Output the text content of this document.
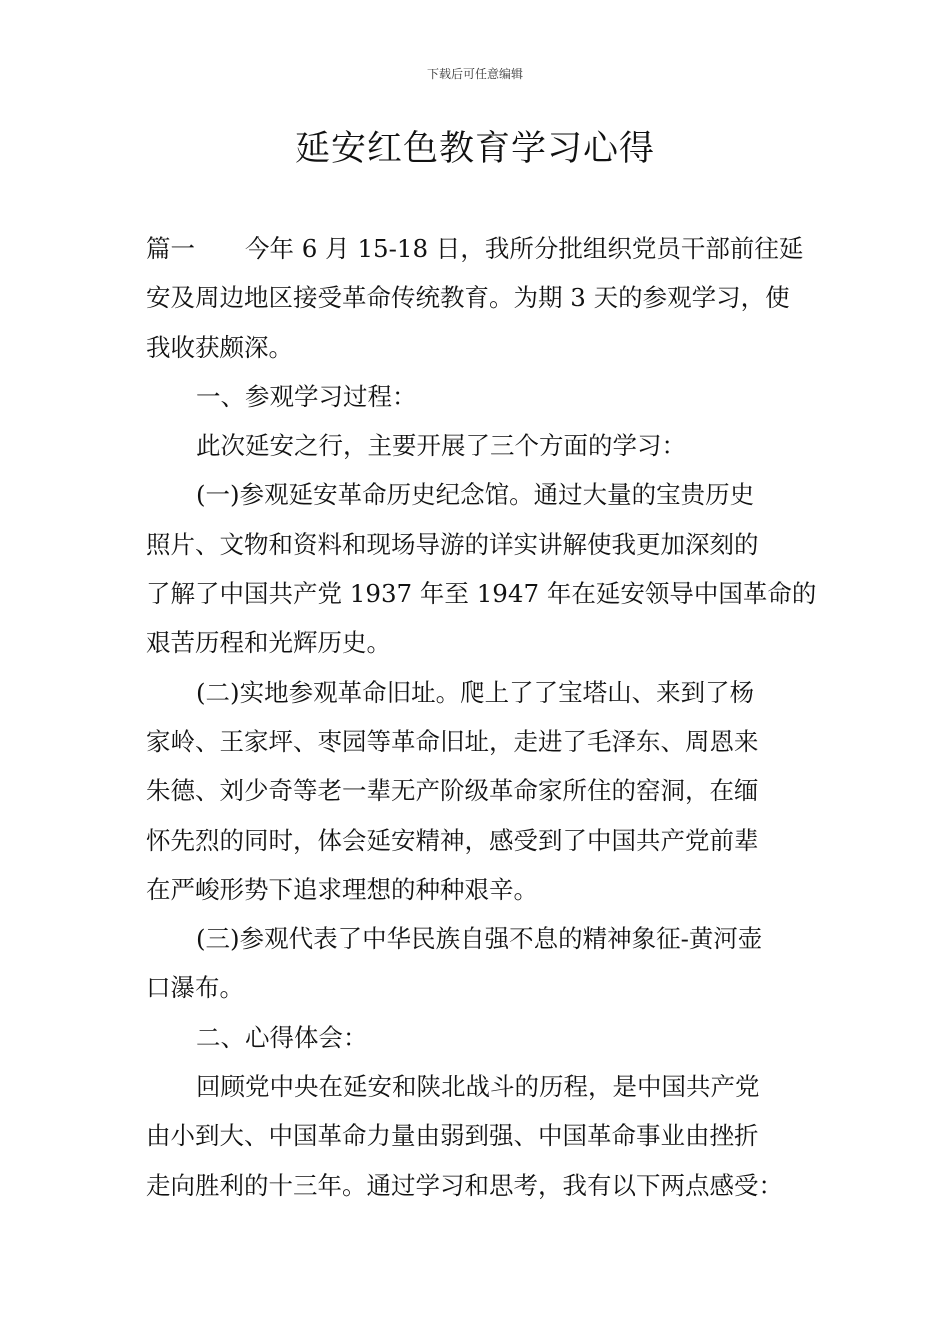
下载后可任意编辑
延安红色教育学习心得
篇一 今年 6 月 15-18 日，我所分批组织党员干部前往延
安及周边地区接受革命传统教育。为期 3 天的参观学习，使
我收获颇深。
一、参观学习过程：
此次延安之行，主要开展了三个方面的学习：
(一)参观延安革命历史纪念馆。通过大量的宝贵历史
照片、文物和资料和现场导游的详实讲解使我更加深刻的
了解了中国共产党 1937 年至 1947 年在延安领导中国革命的
艰苦历程和光辉历史。
(二)实地参观革命旧址。爬上了了宝塔山、来到了杨
家岭、王家坪、枣园等革命旧址，走进了毛泽东、周恩来
朱德、刘少奇等老一辈无产阶级革命家所住的窑洞，在缅
怀先烈的同时，体会延安精神，感受到了中国共产党前辈
在严峻形势下追求理想的种种艰辛。
(三)参观代表了中华民族自强不息的精神象征-黄河壶
口瀑布。
二、心得体会：
回顾党中央在延安和陕北战斗的历程，是中国共产党
由小到大、中国革命力量由弱到强、中国革命事业由挫折
走向胜利的十三年。通过学习和思考，我有以下两点感受：
